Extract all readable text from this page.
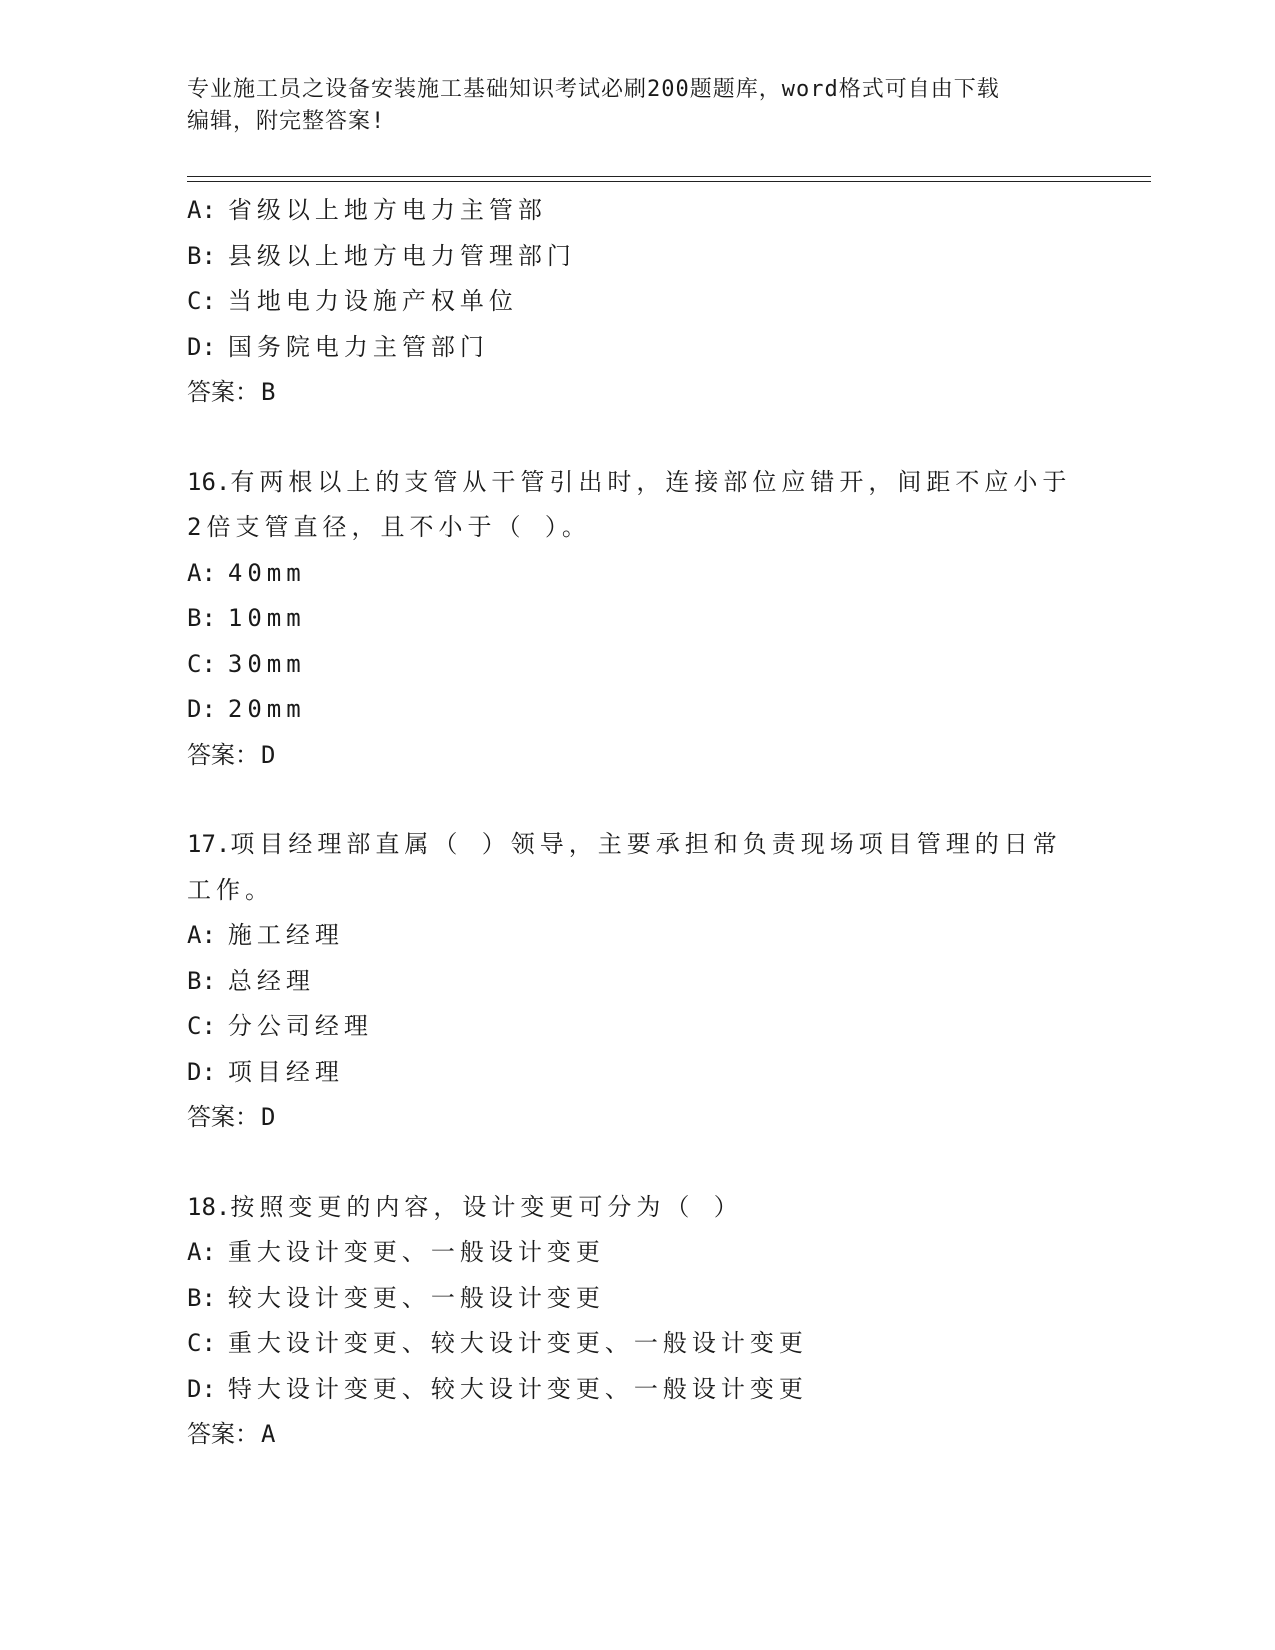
专业施工员之设备安装施工基础知识考试必刷200题题库，word格式可自由下载
编辑，附完整答案!
A: 省级以上地方电力主管部
B: 县级以上地方电力管理部门
C: 当地电力设施产权单位
D: 国务院电力主管部门
答案：B
16.有两根以上的支管从干管引出时，连接部位应错开，间距不应小于
2倍支管直径，且不小于（ ）。
A: 40mm
B: 10mm
C: 30mm
D: 20mm
答案：D
17.项目经理部直属（ ）领导，主要承担和负责现场项目管理的日常
工作。
A: 施工经理
B: 总经理
C: 分公司经理
D: 项目经理
答案：D
18.按照变更的内容，设计变更可分为（ ）
A: 重大设计变更、一般设计变更
B: 较大设计变更、一般设计变更
C: 重大设计变更、较大设计变更、一般设计变更
D: 特大设计变更、较大设计变更、一般设计变更
答案：A
